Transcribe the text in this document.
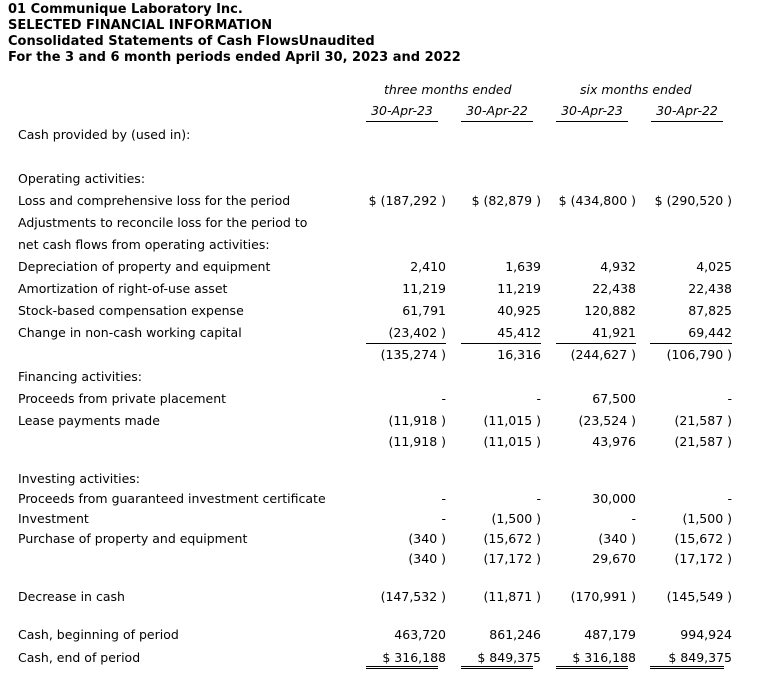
01 Communique Laboratory Inc.
SELECTED FINANCIAL INFORMATION
Consolidated Statements of Cash FlowsUnaudited
For the 3 and 6 month periods ended April 30, 2023 and 2022
three months ended	six months ended
30-Apr-23	30-Apr-22	30-Apr-23	30-Apr-22
Cash provided by (used in):
Operating activities:
Loss and comprehensive loss for the period	$ (187,292 )	$ (82,879 ) $ (434,800 )	$ (290,520 )
Adjustments to reconcile loss for the period to
net cash flows from operating activities:
Depreciation of property and equipment	2,410	1,639	4,932	4,025
Amortization of right-of-use asset	11,219	11,219	22,438	22,438
Stock-based compensation expense	61,791	40,925	120,882	87,825
Change in non-cash working capital	(23,402 )	45,412	41,921	69,442
(135,274 )	16,316	(244,627 )	(106,790 )
Financing activities:
Proceeds from private placement	-	-	67,500	-
Lease payments made	(11,918 )	(11,015 )	(23,524 )	(21,587 )
(11,918 )	(11,015 )	43,976	(21,587 )
Investing activities:
Proceeds from guaranteed investment certificate	-	-	30,000	-
Investment	-	(1,500 )	-	(1,500 )
Purchase of property and equipment	(340 )	(15,672 )	(340 )	(15,672 )
(340 )	(17,172 )	29,670	(17,172 )
Decrease in cash	(147,532 )	(11,871 )	(170,991 )	(145,549 )
Cash, beginning of period	463,720	861,246	487,179	994,924
Cash, end of period	$ 316,188	$ 849,375	$ 316,188	$ 849,375
